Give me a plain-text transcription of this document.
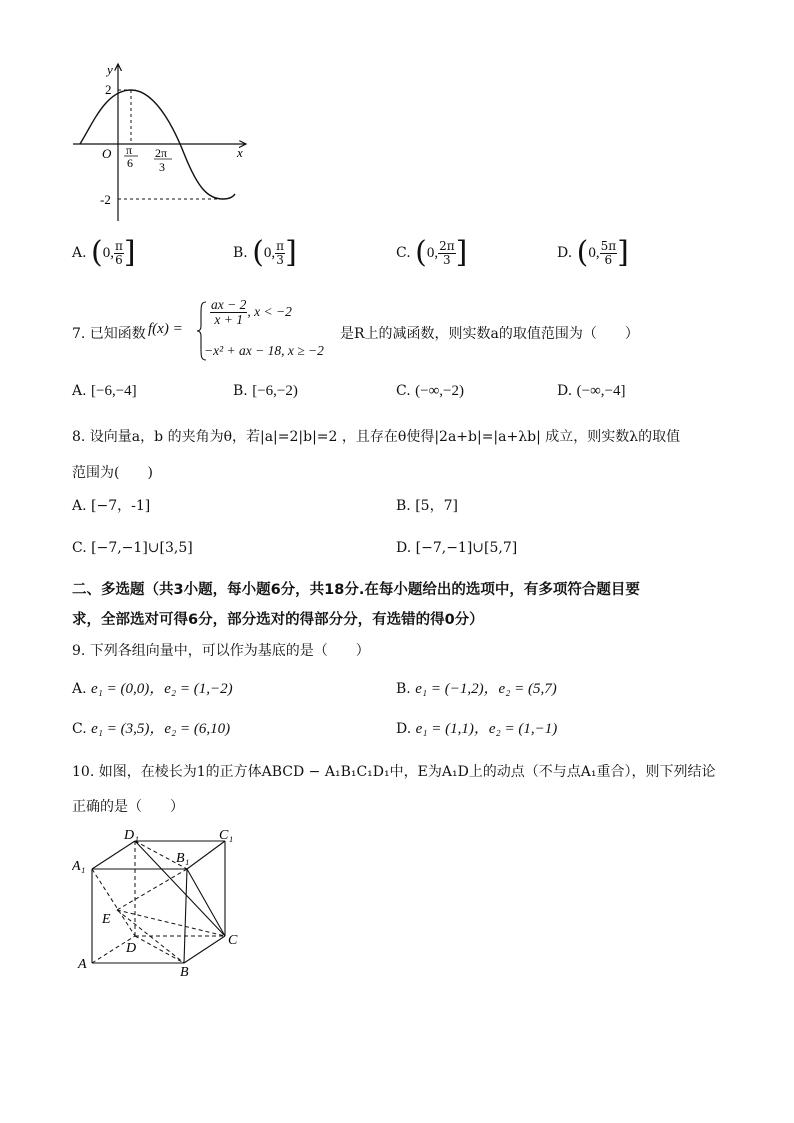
y
x
O
2
-2
π
6
2π
3
A. (0, $\frac{\pi}{6}$ ]	B. (0, $\frac{\pi}{3}$ ]	C. (0, $\frac{2\pi}{3}$ ]	D. (0, $\frac{5\pi}{6}$ ]
7. 已知函数 f(x) =
$\frac{ax - 2}{x + 1}$ , x < −2
−x² + ax − 18, x ≥ −2
是R上的减函数，则实数a的取值范围为（　　）
A. [−6,−4]	B. [−6,−2)	C. (−∞,−2)	D. (−∞,−4]
8. 设向量a，b 的夹角为θ，若|a|=2|b|=2 ，且存在θ使得|2a+b|=|a+λb| 成立，则实数λ的取值
范围为(　　)
A. [−7，-1]	B. [5，7]
C. [−7,−1]∪[3,5]	D. [−7,−1]∪[5,7]
二、多选题（共3小题，每小题6分，共18分.在每小题给出的选项中，有多项符合题目要
求，全部选对可得6分，部分选对的得部分分，有选错的得0分）
9. 下列各组向量中，可以作为基底的是（　　）
A. e₁ = (0,0)，e₂ = (1,−2)	B. e₁ = (−1,2)，e₂ = (5,7)
C. e₁ = (3,5)，e₂ = (6,10)	D. e₁ = (1,1)，e₂ = (1,−1)
10. 如图，在棱长为1的正方体ABCD − A₁B₁C₁D₁中，E为A₁D上的动点（不与点A₁重合），则下列结论
正确的是（　　）
D₁	C₁
B₁
A₁
E
D
C
A
B
